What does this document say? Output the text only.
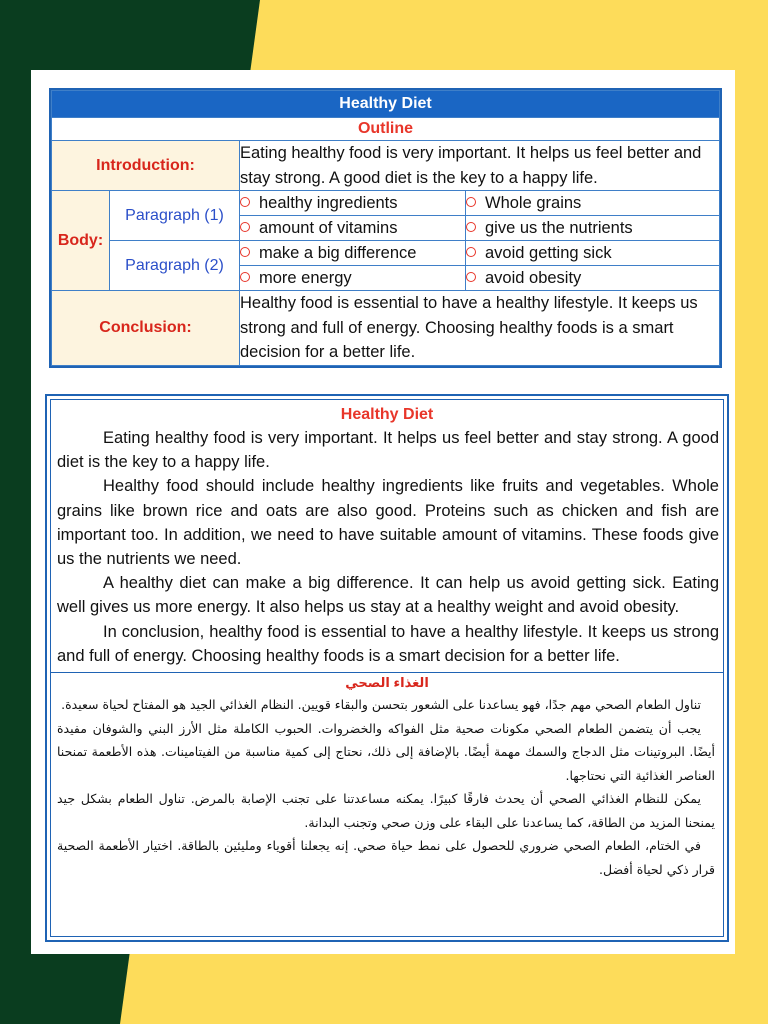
Healthy Diet			
Outline			
Introduction:		Eating healthy food is very important. It helps us feel better and stay strong. A good diet is the key to a happy life.	
Body:	Paragraph (1)	healthy ingredients	Whole grains
		amount of vitamins	give us the nutrients
	Paragraph (2)	make a big difference	avoid getting sick
		more energy	avoid obesity
Conclusion:		Healthy food is essential to have a healthy lifestyle. It keeps us strong and full of energy. Choosing healthy foods is a smart decision for a better life.	
Healthy Diet

Eating healthy food is very important. It helps us feel better and stay strong. A good diet is the key to a happy life.

Healthy food should include healthy ingredients like fruits and vegetables. Whole grains like brown rice and oats are also good. Proteins such as chicken and fish are important too. In addition, we need to have suitable amount of vitamins. These foods give us the nutrients we need.

A healthy diet can make a big difference. It can help us avoid getting sick. Eating well gives us more energy. It also helps us stay at a healthy weight and avoid obesity.

In conclusion, healthy food is essential to have a healthy lifestyle. It keeps us strong and full of energy. Choosing healthy foods is a smart decision for a better life.

الغذاء الصحي

تناول الطعام الصحي مهم جدًا، فهو يساعدنا على الشعور بتحسن والبقاء قويين. النظام الغذائي الجيد هو المفتاح لحياة سعيدة.

يجب أن يتضمن الطعام الصحي مكونات صحية مثل الفواكه والخضروات. الحبوب الكاملة مثل الأرز البني والشوفان مفيدة أيضًا. البروتينات مثل الدجاج والسمك مهمة أيضًا. بالإضافة إلى ذلك، نحتاج إلى كمية مناسبة من الفيتامينات. هذه الأطعمة تمنحنا العناصر الغذائية التي نحتاجها.

يمكن للنظام الغذائي الصحي أن يحدث فارقًا كبيرًا. يمكنه مساعدتنا على تجنب الإصابة بالمرض. تناول الطعام بشكل جيد يمنحنا المزيد من الطاقة، كما يساعدنا على البقاء على وزن صحي وتجنب البدانة.

في الختام، الطعام الصحي ضروري للحصول على نمط حياة صحي. إنه يجعلنا أقوياء ومليئين بالطاقة. اختيار الأطعمة الصحية قرار ذكي لحياة أفضل.
